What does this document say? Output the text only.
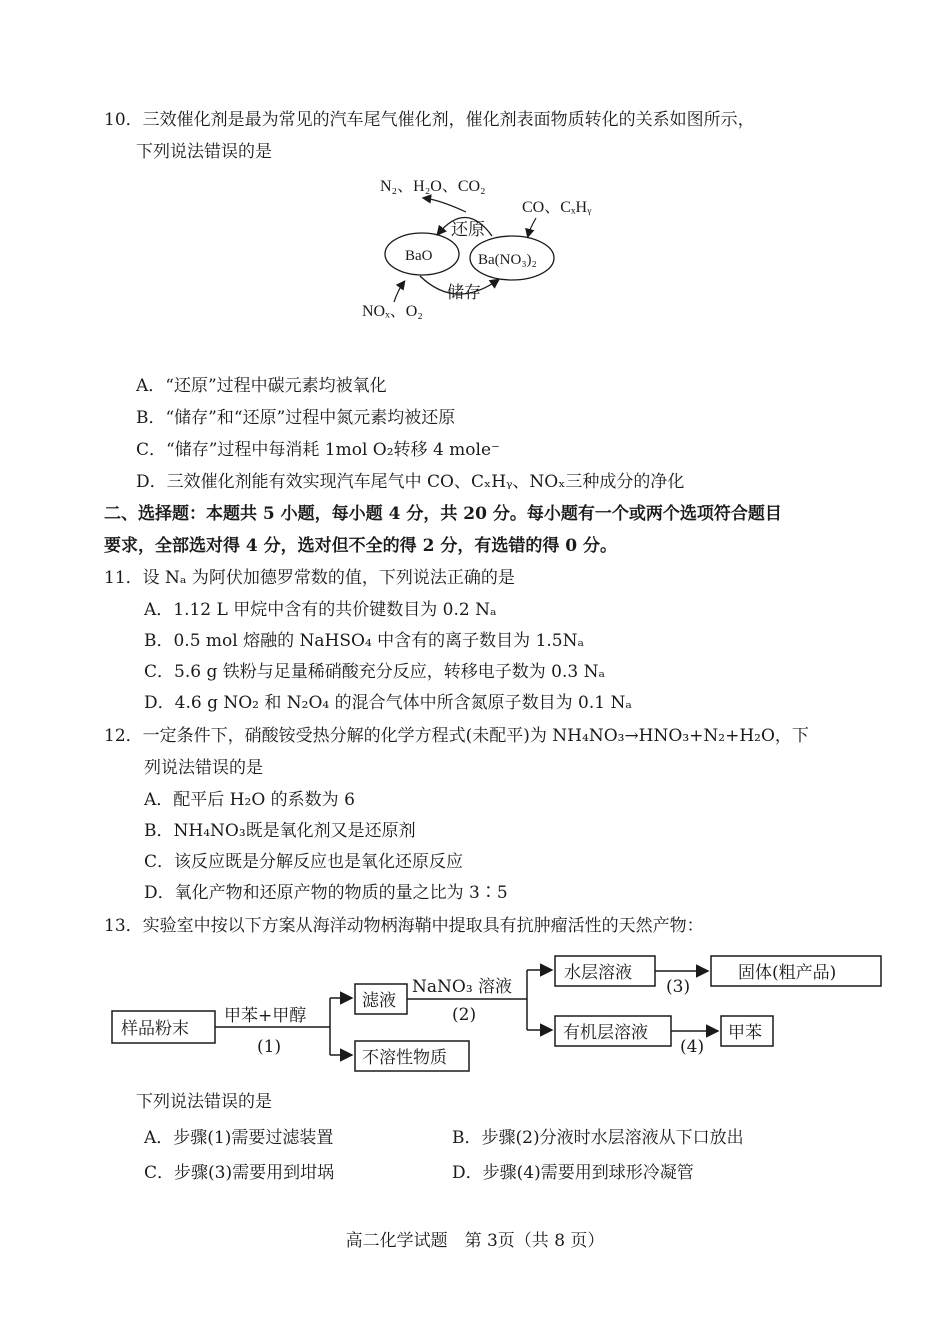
10．三效催化剂是最为常见的汽车尾气催化剂，催化剂表面物质转化的关系如图所示，
下列说法错误的是
N₂、H₂O、CO₂
CO、CₓHᵧ
BaO	Ba(NO₃)₂
还原
储存
NOₓ、O₂
A．“还原”过程中碳元素均被氧化
B．“储存”和“还原”过程中氮元素均被还原
C．“储存”过程中每消耗 1mol O₂转移 4 mole⁻
D．三效催化剂能有效实现汽车尾气中 CO、CₓHᵧ、NOₓ三种成分的净化
二、选择题：本题共 5 小题，每小题 4 分，共 20 分。每小题有一个或两个选项符合题目
要求，全部选对得 4 分，选对但不全的得 2 分，有选错的得 0 分。
11．设 Nₐ 为阿伏加德罗常数的值，下列说法正确的是
A．1.12 L 甲烷中含有的共价键数目为 0.2 Nₐ
B．0.5 mol 熔融的 NaHSO₄ 中含有的离子数目为 1.5Nₐ
C．5.6 g 铁粉与足量稀硝酸充分反应，转移电子数为 0.3 Nₐ
D．4.6 g NO₂ 和 N₂O₄ 的混合气体中所含氮原子数目为 0.1 Nₐ
12．一定条件下，硝酸铵受热分解的化学方程式(未配平)为 NH₄NO₃→HNO₃+N₂+H₂O，下
列说法错误的是
A．配平后 H₂O 的系数为 6
B．NH₄NO₃既是氧化剂又是还原剂
C．该反应既是分解反应也是氧化还原反应
D．氧化产物和还原产物的物质的量之比为 3∶5
13．实验室中按以下方案从海洋动物柄海鞘中提取具有抗肿瘤活性的天然产物：
样品粉末
甲苯+甲醇
(1)
滤液
不溶性物质
NaNO₃ 溶液
(2)
水层溶液
(3)
固体(粗产品)
有机层溶液
(4)
甲苯
下列说法错误的是
A．步骤(1)需要过滤装置	B．步骤(2)分液时水层溶液从下口放出
C．步骤(3)需要用到坩埚	D．步骤(4)需要用到球形冷凝管
高二化学试题　第 3页（共 8 页）
